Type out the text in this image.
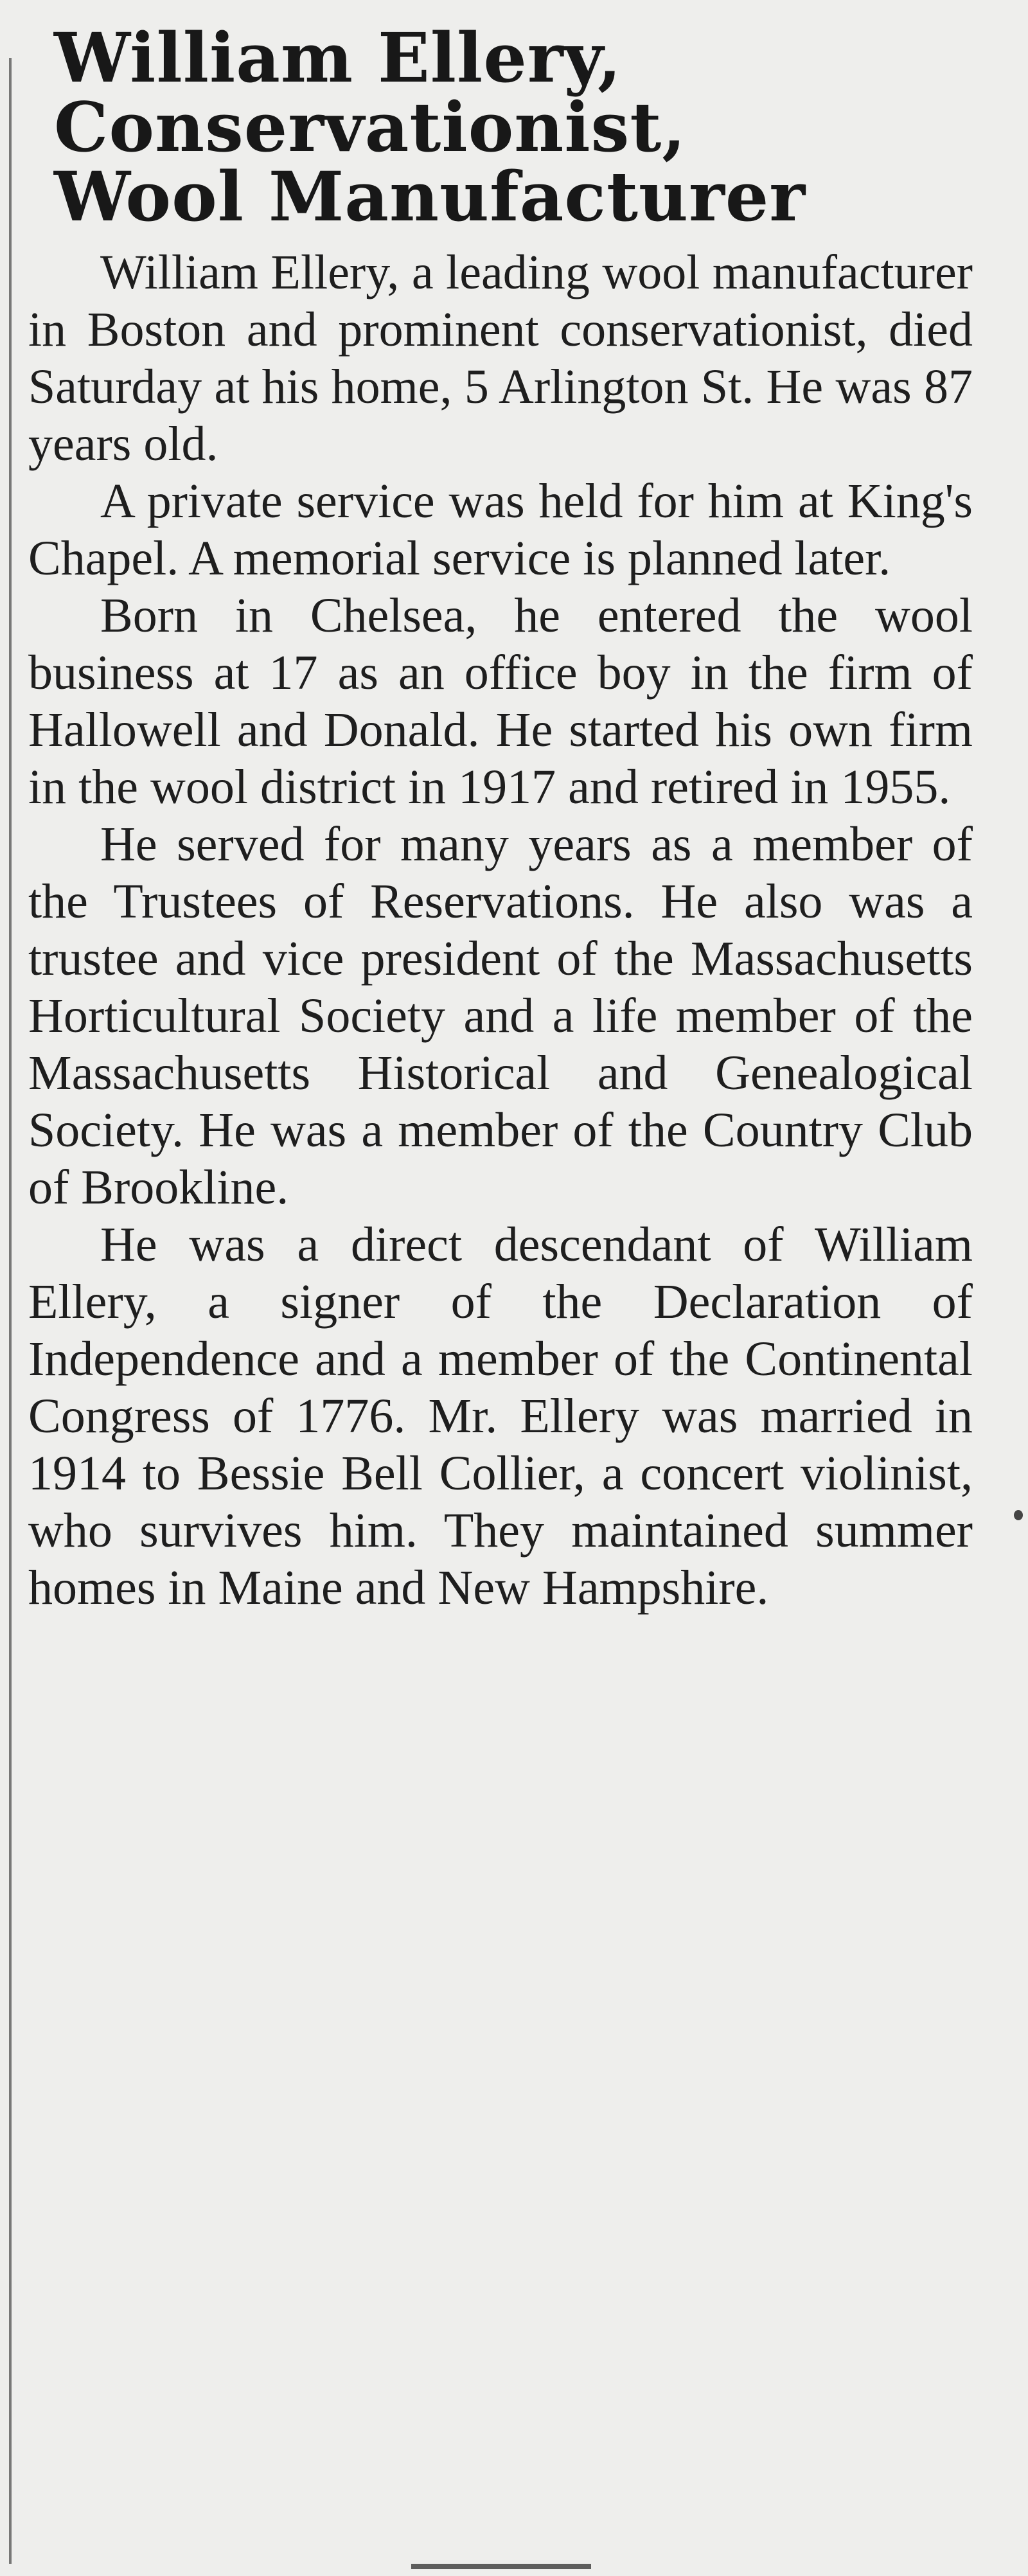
William Ellery,
Conservationist,
Wool Manufacturer

William Ellery, a leading wool manufacturer in Boston and prominent conservationist, died Saturday at his home, 5 Arlington St. He was 87 years old.

A private service was held for him at King's Chapel. A memorial service is planned later.

Born in Chelsea, he entered the wool business at 17 as an office boy in the firm of Hallowell and Donald. He started his own firm in the wool district in 1917 and retired in 1955.

He served for many years as a member of the Trustees of Reservations. He also was a trustee and vice president of the Massachusetts Horticultural Society and a life member of the Massachusetts Historical and Genealogical Society. He was a member of the Country Club of Brookline.

He was a direct descendant of William Ellery, a signer of the Declaration of Independence and a member of the Continental Congress of 1776. Mr. Ellery was married in 1914 to Bessie Bell Collier, a concert violinist, who survives him. They maintained summer homes in Maine and New Hampshire.
